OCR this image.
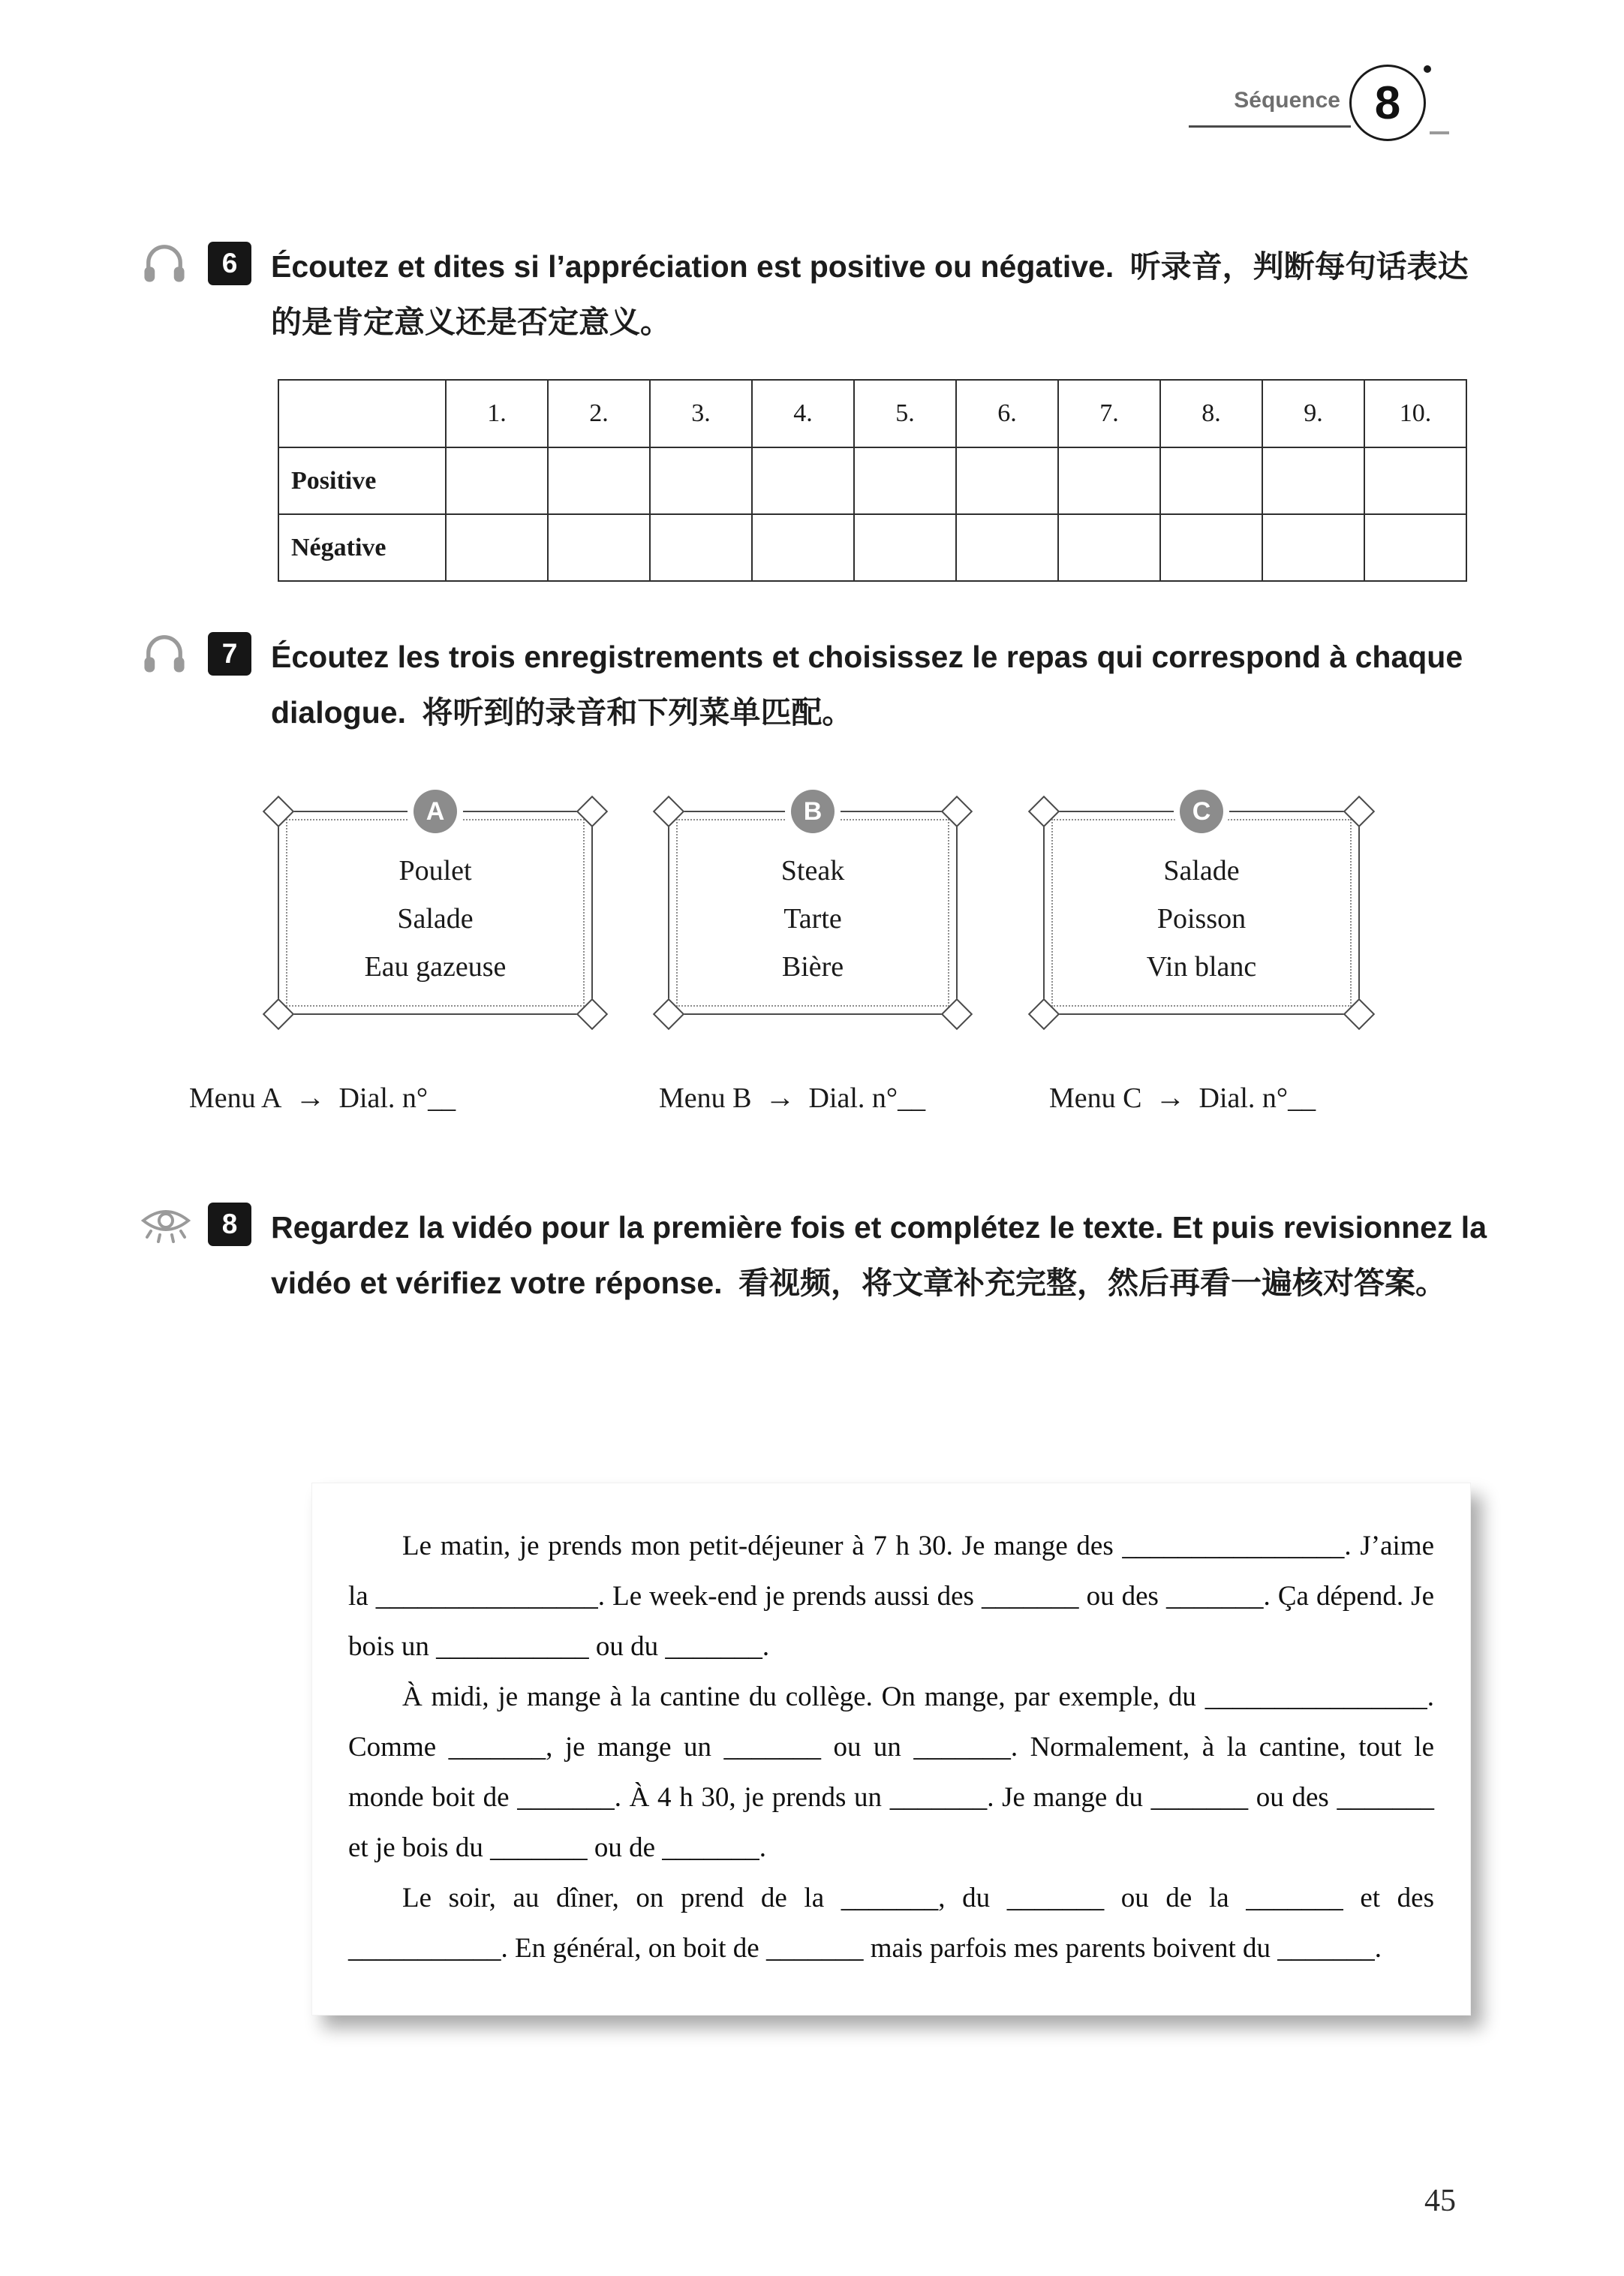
Séquence 8
6	Écoutez et dites si l’appréciation est positive ou négative. 听录音，判断每句话表达的是肯定意义还是否定意义。
	1.	2.	3.	4.	5.	6.	7.	8.	9.	10.
Positive										
Négative										
7	Écoutez les trois enregistrements et choisissez le repas qui correspond à chaque dialogue. 将听到的录音和下列菜单匹配。
A
Poulet
Salade
Eau gazeuse
B
Steak
Tarte
Bière
C
Salade
Poisson
Vin blanc
Menu A → Dial. n°__	Menu B → Dial. n°__	Menu C → Dial. n°__
8	Regardez la vidéo pour la première fois et complétez le texte. Et puis revisionnez la vidéo et vérifiez votre réponse. 看视频，将文章补充完整，然后再看一遍核对答案。

Le matin, je prends mon petit-déjeuner à 7 h 30. Je mange des ________________. J’aime la ________________. Le week-end je prends aussi des _______ ou des _______. Ça dépend. Je bois un ___________ ou du _______.

À midi, je mange à la cantine du collège. On mange, par exemple, du ________________. Comme _______, je mange un _______ ou un _______. Normalement, à la cantine, tout le monde boit de _______. À 4 h 30, je prends un _______. Je mange du _______ ou des _______ et je bois du _______ ou de _______.

Le soir, au dîner, on prend de la _______, du _______ ou de la _______ et des ___________. En général, on boit de _______ mais parfois mes parents boivent du _______.

45
